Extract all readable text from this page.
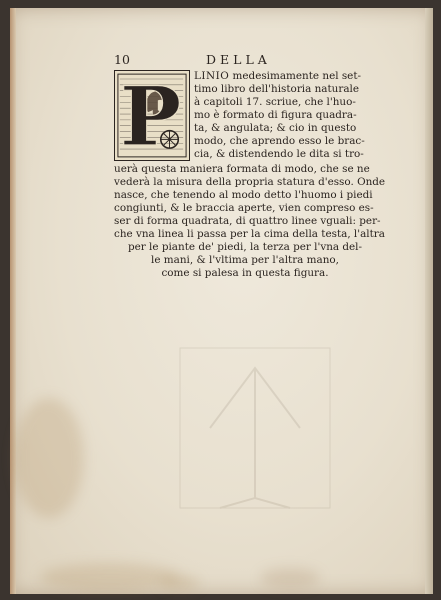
10	DELLA
P LINIO medesimamente nel set-
timo libro dell'historia naturale
à capitoli 17. scriue, che l'huo-
mo è formato di figura quadra-
ta, & angulata; & cio in questo
modo, che aprendo esso le brac-
cia, & distendendo le dita si tro-
uerà questa maniera formata di modo, che se ne
vederà la misura della propria statura d'esso. Onde
nasce, che tenendo al modo detto l'huomo i piedi
congiunti, & le braccia aperte, vien compreso es-
ser di forma quadrata, di quattro linee vguali: per-
che vna linea li passa per la cima della testa, l'altra
per le piante de' piedi, la terza per l'vna del-
le mani, & l'vltima per l'altra mano,
come si palesa in questa figura.
